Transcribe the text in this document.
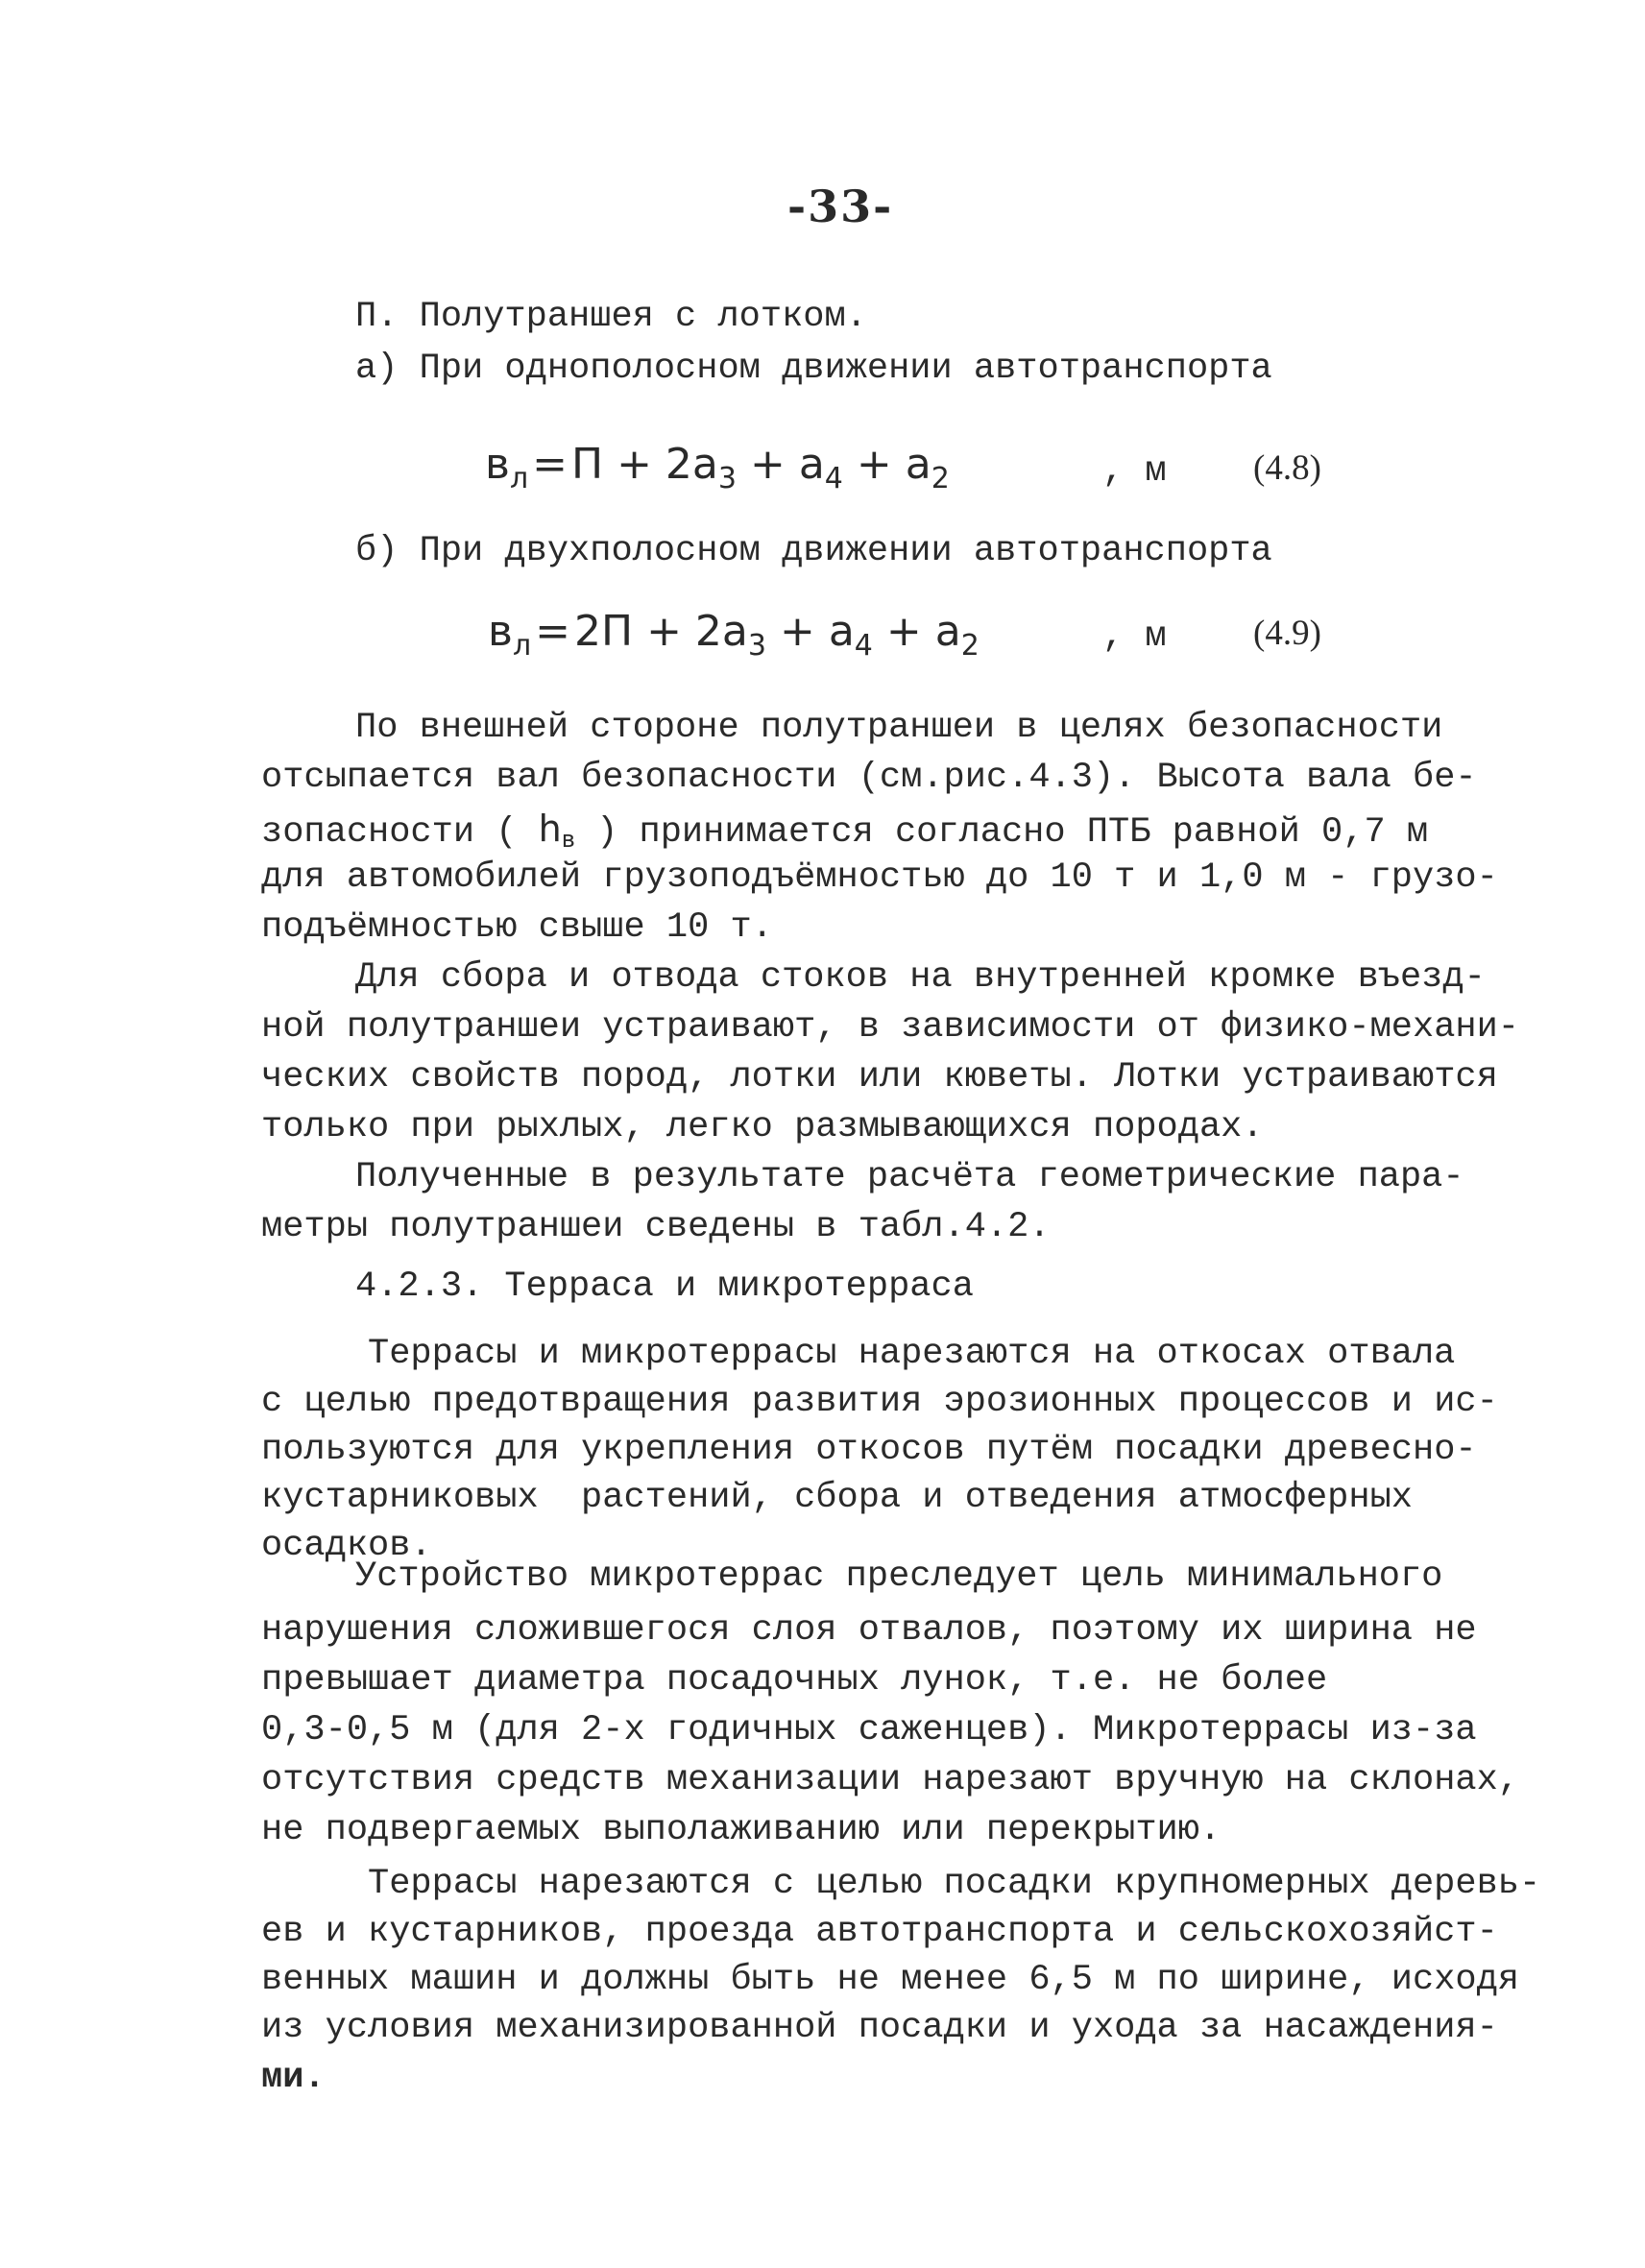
-33-
П. Полутраншея с лотком.
а) При однополосном движении автотранспорта
$в_л=П + 2а_3 + а_4 + а_2$	, м (4.8)
б) При двухполосном движении автотранспорта
$в_л=2П + 2а_3 + а_4 + а_2$	, м (4.9)
По внешней стороне полутраншеи в целях безопасности
отсыпается вал безопасности (см.рис.4.3). Высота вала бе-
зопасности ( $h_в$ ) принимается согласно ПТБ равной 0,7 м
для автомобилей грузоподъёмностью до 10 т и 1,0 м - грузо-
подъёмностью свыше 10 т.
Для сбора и отвода стоков на внутренней кромке въезд-
ной полутраншеи устраивают, в зависимости от физико-механи-
ческих свойств пород, лотки или кюветы. Лотки устраиваются
только при рыхлых, легко размывающихся породах.
Полученные в результате расчёта геометрические пара-
метры полутраншеи сведены в табл.4.2.
4.2.3. Терраса и микротерраса
Террасы и микротеррасы нарезаются на откосах отвала
с целью предотвращения развития эрозионных процессов и ис-
пользуются для укрепления откосов путём посадки древесно-
кустарниковых  растений, сбора и отведения атмосферных
осадков.
Устройство микротеррас преследует цель минимального
нарушения сложившегося слоя отвалов, поэтому их ширина не
превышает диаметра посадочных лунок, т.е. не более
0,3-0,5 м (для 2-х годичных саженцев). Микротеррасы из-за
отсутствия средств механизации нарезают вручную на склонах,
не подвергаемых выполаживанию или перекрытию.
Террасы нарезаются с целью посадки крупномерных деревь-
ев и кустарников, проезда автотранспорта и сельскохозяйст-
венных машин и должны быть не менее 6,5 м по ширине, исходя
из условия механизированной посадки и ухода за насаждения-
ми.
